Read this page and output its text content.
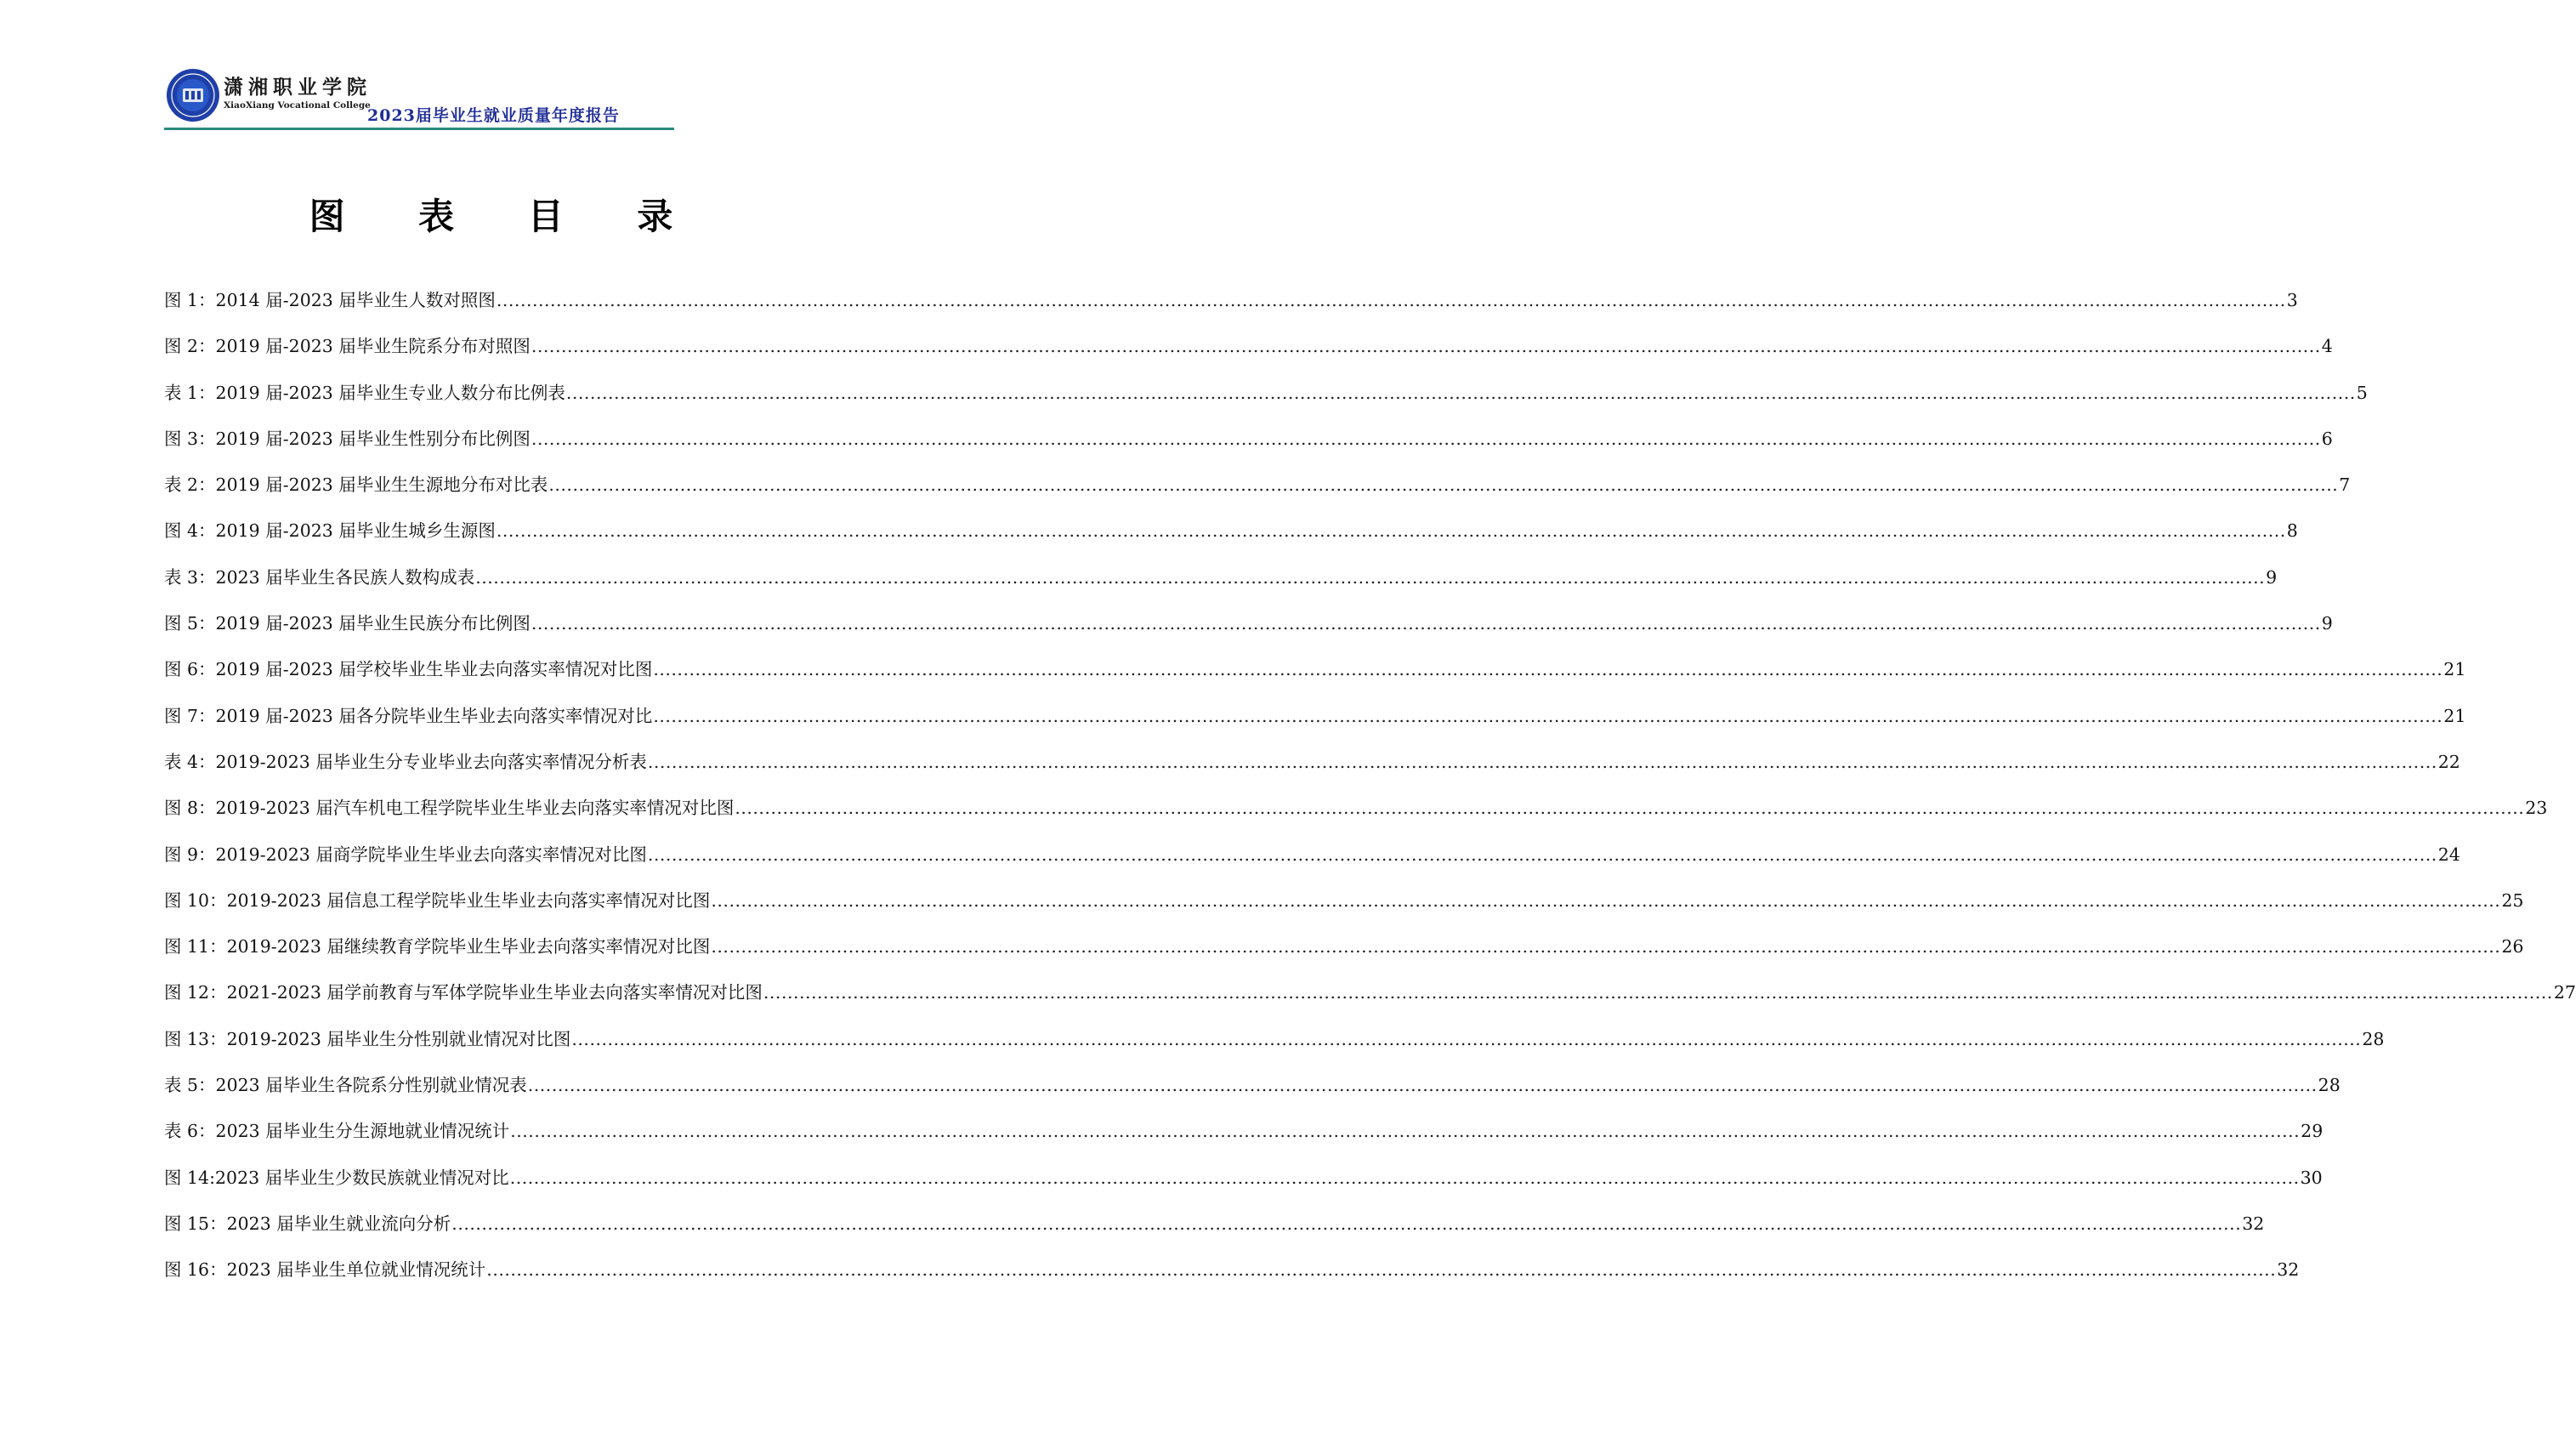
潇湘职业学院
XiaoXiang Vocational College
2023届毕业生就业质量年度报告
图 表 目 录
图 1：2014 届-2023 届毕业生人数对照图 ............................................................................................................................................................................................................................................................................................................ 3
图 2：2019 届-2023 届毕业生院系分布对照图 ............................................................................................................................................................................................................................................................................................................ 4
表 1：2019 届-2023 届毕业生专业人数分布比例表 ............................................................................................................................................................................................................................................................................................................ 5
图 3：2019 届-2023 届毕业生性别分布比例图 ............................................................................................................................................................................................................................................................................................................ 6
表 2：2019 届-2023 届毕业生生源地分布对比表 ............................................................................................................................................................................................................................................................................................................ 7
图 4：2019 届-2023 届毕业生城乡生源图 ............................................................................................................................................................................................................................................................................................................ 8
表 3：2023 届毕业生各民族人数构成表 ............................................................................................................................................................................................................................................................................................................ 9
图 5：2019 届-2023 届毕业生民族分布比例图 ............................................................................................................................................................................................................................................................................................................ 9
图 6：2019 届-2023 届学校毕业生毕业去向落实率情况对比图 ............................................................................................................................................................................................................................................................................................................ 21
图 7：2019 届-2023 届各分院毕业生毕业去向落实率情况对比 ............................................................................................................................................................................................................................................................................................................ 21
表 4：2019-2023 届毕业生分专业毕业去向落实率情况分析表 ............................................................................................................................................................................................................................................................................................................ 22
图 8：2019-2023 届汽车机电工程学院毕业生毕业去向落实率情况对比图 ............................................................................................................................................................................................................................................................................................................ 23
图 9：2019-2023 届商学院毕业生毕业去向落实率情况对比图 ............................................................................................................................................................................................................................................................................................................ 24
图 10：2019-2023 届信息工程学院毕业生毕业去向落实率情况对比图 ............................................................................................................................................................................................................................................................................................................ 25
图 11：2019-2023 届继续教育学院毕业生毕业去向落实率情况对比图 ............................................................................................................................................................................................................................................................................................................ 26
图 12：2021-2023 届学前教育与军体学院毕业生毕业去向落实率情况对比图 ............................................................................................................................................................................................................................................................................................................ 27
图 13：2019-2023 届毕业生分性别就业情况对比图 ............................................................................................................................................................................................................................................................................................................ 28
表 5：2023 届毕业生各院系分性别就业情况表 ............................................................................................................................................................................................................................................................................................................ 28
表 6：2023 届毕业生分生源地就业情况统计 ............................................................................................................................................................................................................................................................................................................ 29
图 14:2023 届毕业生少数民族就业情况对比 ............................................................................................................................................................................................................................................................................................................ 30
图 15：2023 届毕业生就业流向分析 ............................................................................................................................................................................................................................................................................................................ 32
图 16：2023 届毕业生单位就业情况统计 ............................................................................................................................................................................................................................................................................................................ 32
